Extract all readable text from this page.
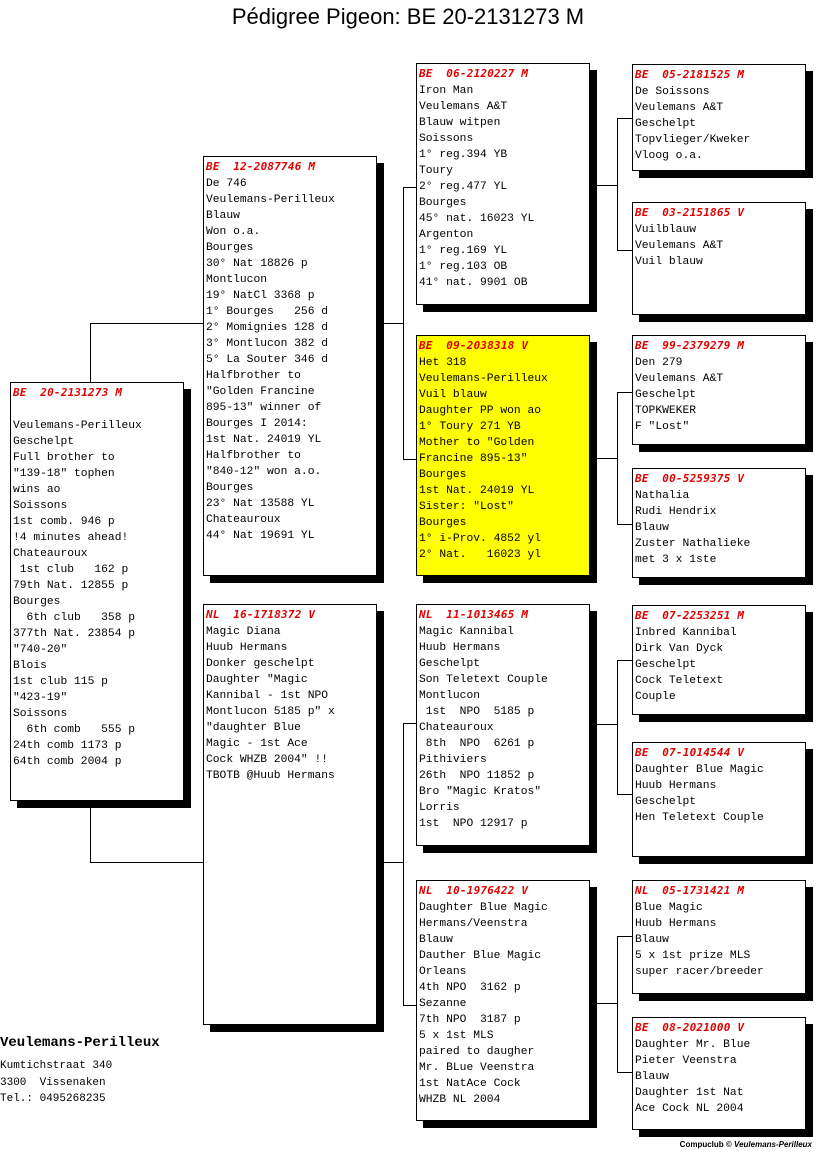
Pédigree Pigeon: BE 20-2131273 M
BE  20-2131273 M

Veulemans-Perilleux
Geschelpt
Full brother to
"139-18" tophen
wins ao
Soissons
1st comb. 946 p
!4 minutes ahead!
Chateauroux
1st club   162 p
79th Nat. 12855 p
Bourges
6th club   358 p
377th Nat. 23854 p
"740-20"
Blois
1st club 115 p
"423-19"
Soissons
6th comb   555 p
24th comb 1173 p
64th comb 2004 p
BE  12-2087746 M
De 746
Veulemans-Perilleux
Blauw
Won o.a.
Bourges
30° Nat 18826 p
Montlucon
19° NatCl 3368 p
1° Bourges   256 d
2° Momignies 128 d
3° Montlucon 382 d
5° La Souter 346 d
Halfbrother to
"Golden Francine
895-13" winner of
Bourges I 2014:
1st Nat. 24019 YL
Halfbrother to
"840-12" won a.o.
Bourges
23° Nat 13588 YL
Chateauroux
44° Nat 19691 YL
NL  16-1718372 V
Magic Diana
Huub Hermans
Donker geschelpt
Daughter "Magic
Kannibal - 1st NPO
Montlucon 5185 p" x
"daughter Blue
Magic - 1st Ace
Cock WHZB 2004" !!
TBOTB @Huub Hermans
BE  06-2120227 M
Iron Man
Veulemans A&T
Blauw witpen
Soissons
1° reg.394 YB
Toury
2° reg.477 YL
Bourges
45° nat. 16023 YL
Argenton
1° reg.169 YL
1° reg.103 OB
41° nat. 9901 OB
BE  09-2038318 V
Het 318
Veulemans-Perilleux
Vuil blauw
Daughter PP won ao
1° Toury 271 YB
Mother to "Golden
Francine 895-13"
Bourges
1st Nat. 24019 YL
Sister: "Lost"
Bourges
1° i-Prov. 4852 yl
2° Nat.   16023 yl
NL  11-1013465 M
Magic Kannibal
Huub Hermans
Geschelpt
Son Teletext Couple
Montlucon
1st  NPO  5185 p
Chateauroux
8th  NPO  6261 p
Pithiviers
26th  NPO 11852 p
Bro "Magic Kratos"
Lorris
1st  NPO 12917 p
NL  10-1976422 V
Daughter Blue Magic
Hermans/Veenstra
Blauw
Dauther Blue Magic
Orleans
4th NPO  3162 p
Sezanne
7th NPO  3187 p
5 x 1st MLS
paired to daugher
Mr. BLue Veenstra
1st NatAce Cock
WHZB NL 2004
BE  05-2181525 M
De Soissons
Veulemans A&T
Geschelpt
Topvlieger/Kweker
Vloog o.a.
BE  03-2151865 V
Vuilblauw
Veulemans A&T
Vuil blauw
BE  99-2379279 M
Den 279
Veulemans A&T
Geschelpt
TOPKWEKER
F "Lost"
BE  00-5259375 V
Nathalia
Rudi Hendrix
Blauw
Zuster Nathalieke
met 3 x 1ste
BE  07-2253251 M
Inbred Kannibal
Dirk Van Dyck
Geschelpt
Cock Teletext
Couple
BE  07-1014544 V
Daughter Blue Magic
Huub Hermans
Geschelpt
Hen Teletext Couple
NL  05-1731421 M
Blue Magic
Huub Hermans
Blauw
5 x 1st prize MLS
super racer/breeder
BE  08-2021000 V
Daughter Mr. Blue
Pieter Veenstra
Blauw
Daughter 1st Nat
Ace Cock NL 2004
Veulemans-Perilleux
Kumtichstraat 340
3300  Vissenaken
Tel.: 0495268235
Compuclub © Veulemans-Perilleux
